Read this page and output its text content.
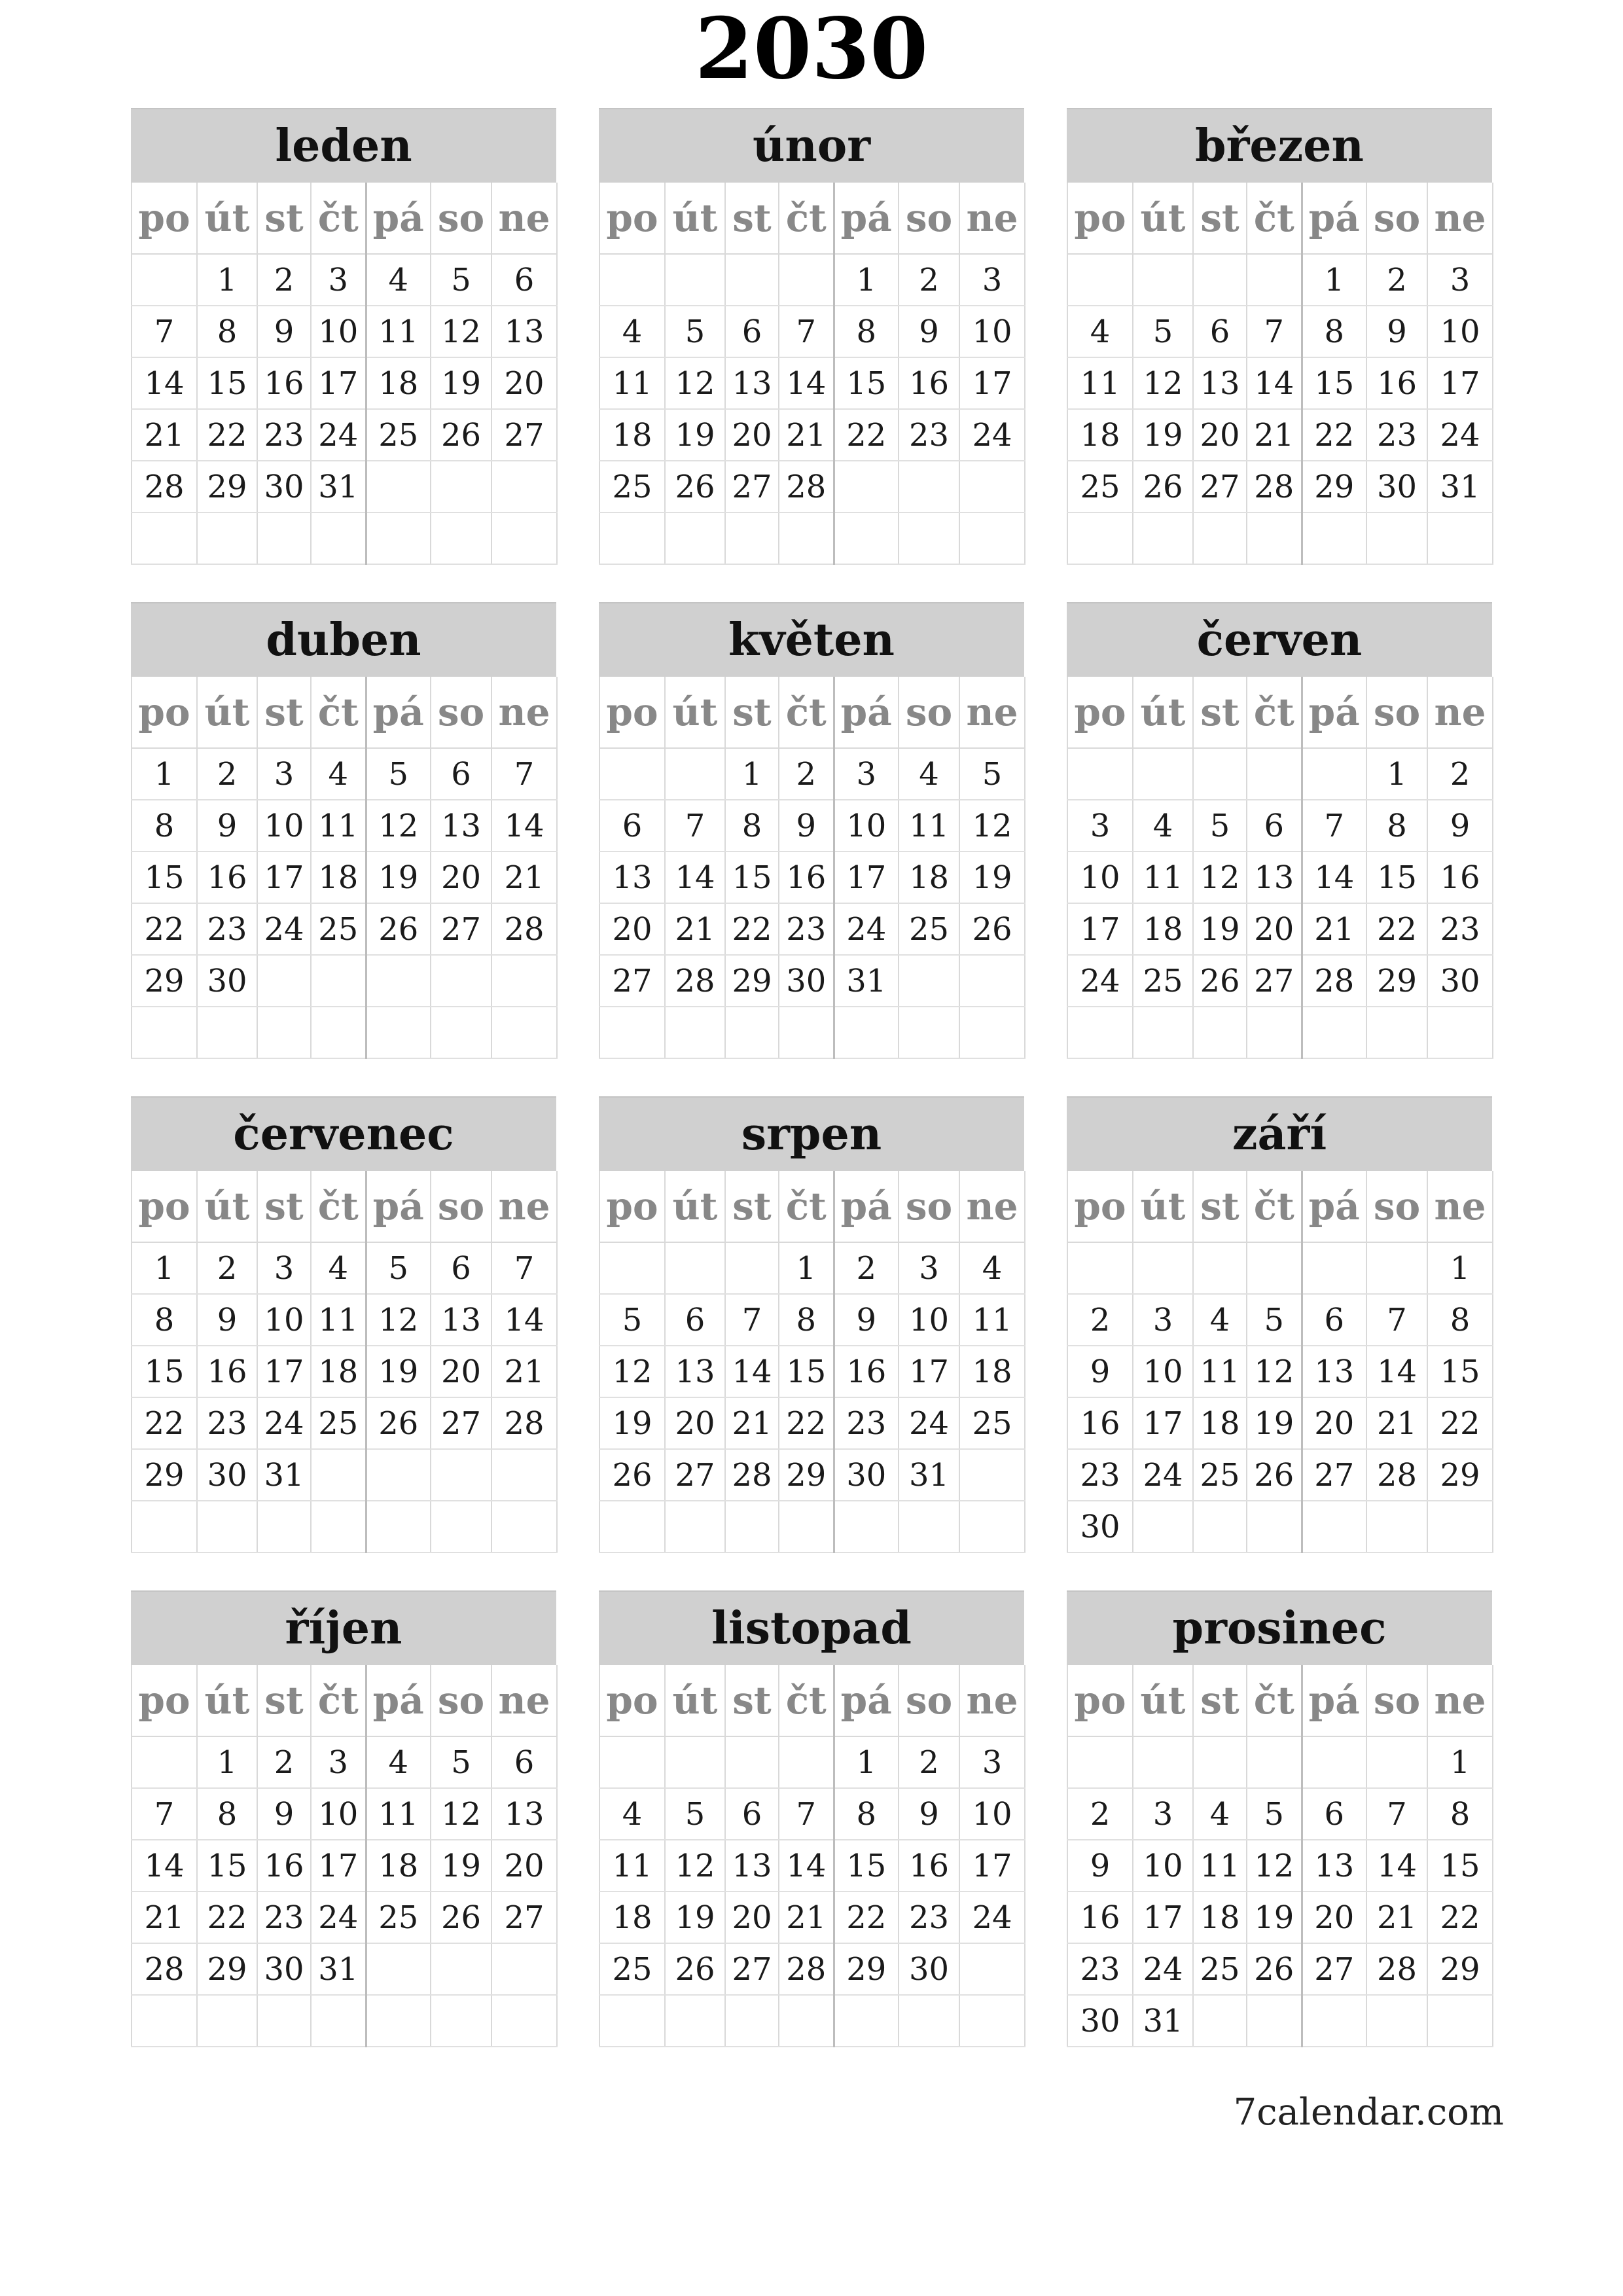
2030
leden
po	út	st	čt	pá	so	ne
	1	2	3	4	5	6
7	8	9	10	11	12	13
14	15	16	17	18	19	20
21	22	23	24	25	26	27
28	29	30	31			

únor
po	út	st	čt	pá	so	ne
				1	2	3
4	5	6	7	8	9	10
11	12	13	14	15	16	17
18	19	20	21	22	23	24
25	26	27	28			

březen
po	út	st	čt	pá	so	ne
				1	2	3
4	5	6	7	8	9	10
11	12	13	14	15	16	17
18	19	20	21	22	23	24
25	26	27	28	29	30	31

duben
po	út	st	čt	pá	so	ne
1	2	3	4	5	6	7
8	9	10	11	12	13	14
15	16	17	18	19	20	21
22	23	24	25	26	27	28
29	30					

květen
po	út	st	čt	pá	so	ne
		1	2	3	4	5
6	7	8	9	10	11	12
13	14	15	16	17	18	19
20	21	22	23	24	25	26
27	28	29	30	31		

červen
po	út	st	čt	pá	so	ne
					1	2
3	4	5	6	7	8	9
10	11	12	13	14	15	16
17	18	19	20	21	22	23
24	25	26	27	28	29	30

červenec
po	út	st	čt	pá	so	ne
1	2	3	4	5	6	7
8	9	10	11	12	13	14
15	16	17	18	19	20	21
22	23	24	25	26	27	28
29	30	31				

srpen
po	út	st	čt	pá	so	ne
			1	2	3	4
5	6	7	8	9	10	11
12	13	14	15	16	17	18
19	20	21	22	23	24	25
26	27	28	29	30	31	

září
po	út	st	čt	pá	so	ne
						1
2	3	4	5	6	7	8
9	10	11	12	13	14	15
16	17	18	19	20	21	22
23	24	25	26	27	28	29
30						
říjen
po	út	st	čt	pá	so	ne
	1	2	3	4	5	6
7	8	9	10	11	12	13
14	15	16	17	18	19	20
21	22	23	24	25	26	27
28	29	30	31			

listopad
po	út	st	čt	pá	so	ne
				1	2	3
4	5	6	7	8	9	10
11	12	13	14	15	16	17
18	19	20	21	22	23	24
25	26	27	28	29	30	

prosinec
po	út	st	čt	pá	so	ne
						1
2	3	4	5	6	7	8
9	10	11	12	13	14	15
16	17	18	19	20	21	22
23	24	25	26	27	28	29
30	31					
7calendar.com
